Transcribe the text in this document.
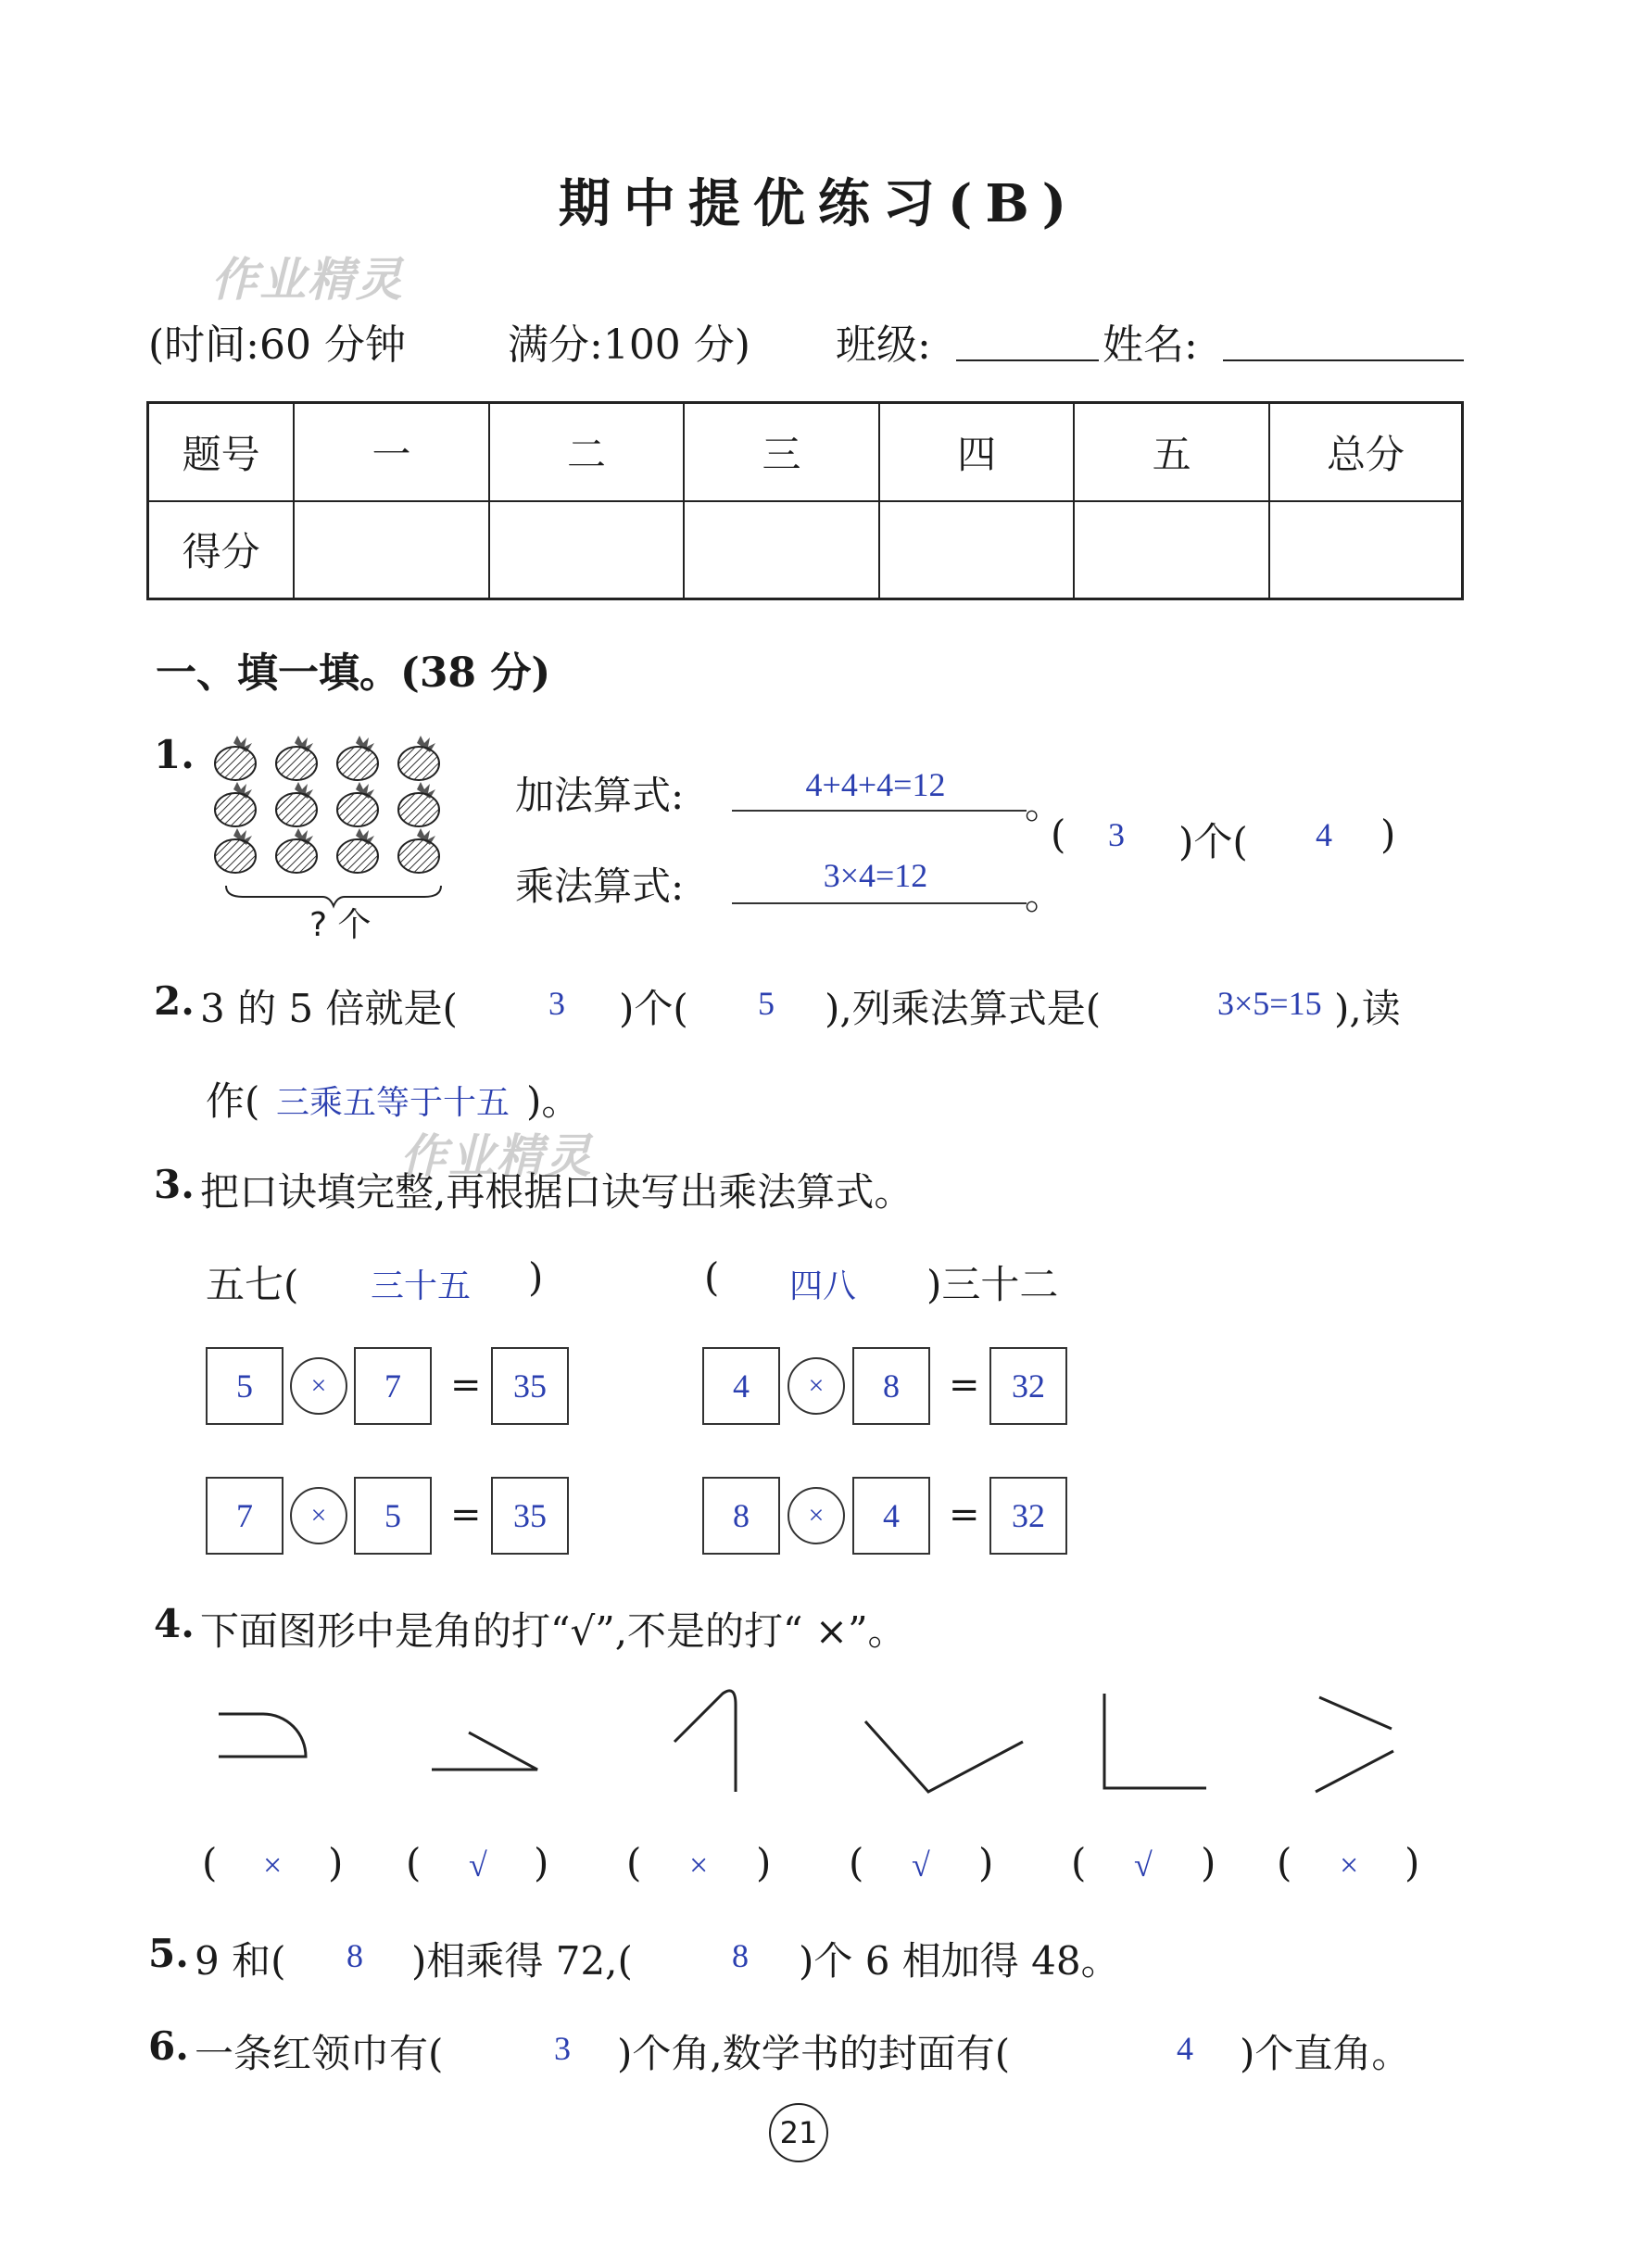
期中提优练习(B)
作业精灵
作业精灵
(时间:60 分钟	满分:100 分) 班级:	姓名:
题号	一	二	三	四	五	总分
得分						
一、填一填。(38 分)
1.
? 个
加法算式:	4+4+4=12	。
乘法算式:	3×4=12	。
( 3 )个( 4 )
2. 3 的 5 倍就是(	3 )个( 5 ),列乘法算式是(	3×5=15 ),读
作( 三乘五等于十五 )。
3. 把口诀填完整,再根据口诀写出乘法算式。
五七( 三十五 )	( 四八 )三十二
5	×	7	= 35	4	×	8	= 32
7	×	5	= 35	8	×	4	= 32
4. 下面图形中是角的打“√”,不是的打“ ×”。
( × ) ( √ ) ( × ) ( √ ) ( √ ) ( × )
5. 9 和( 8 )相乘得 72,(	8 )个 6 相加得 48。
6. 一条红领巾有(	3 )个角,数学书的封面有(	4 )个直角。
21
